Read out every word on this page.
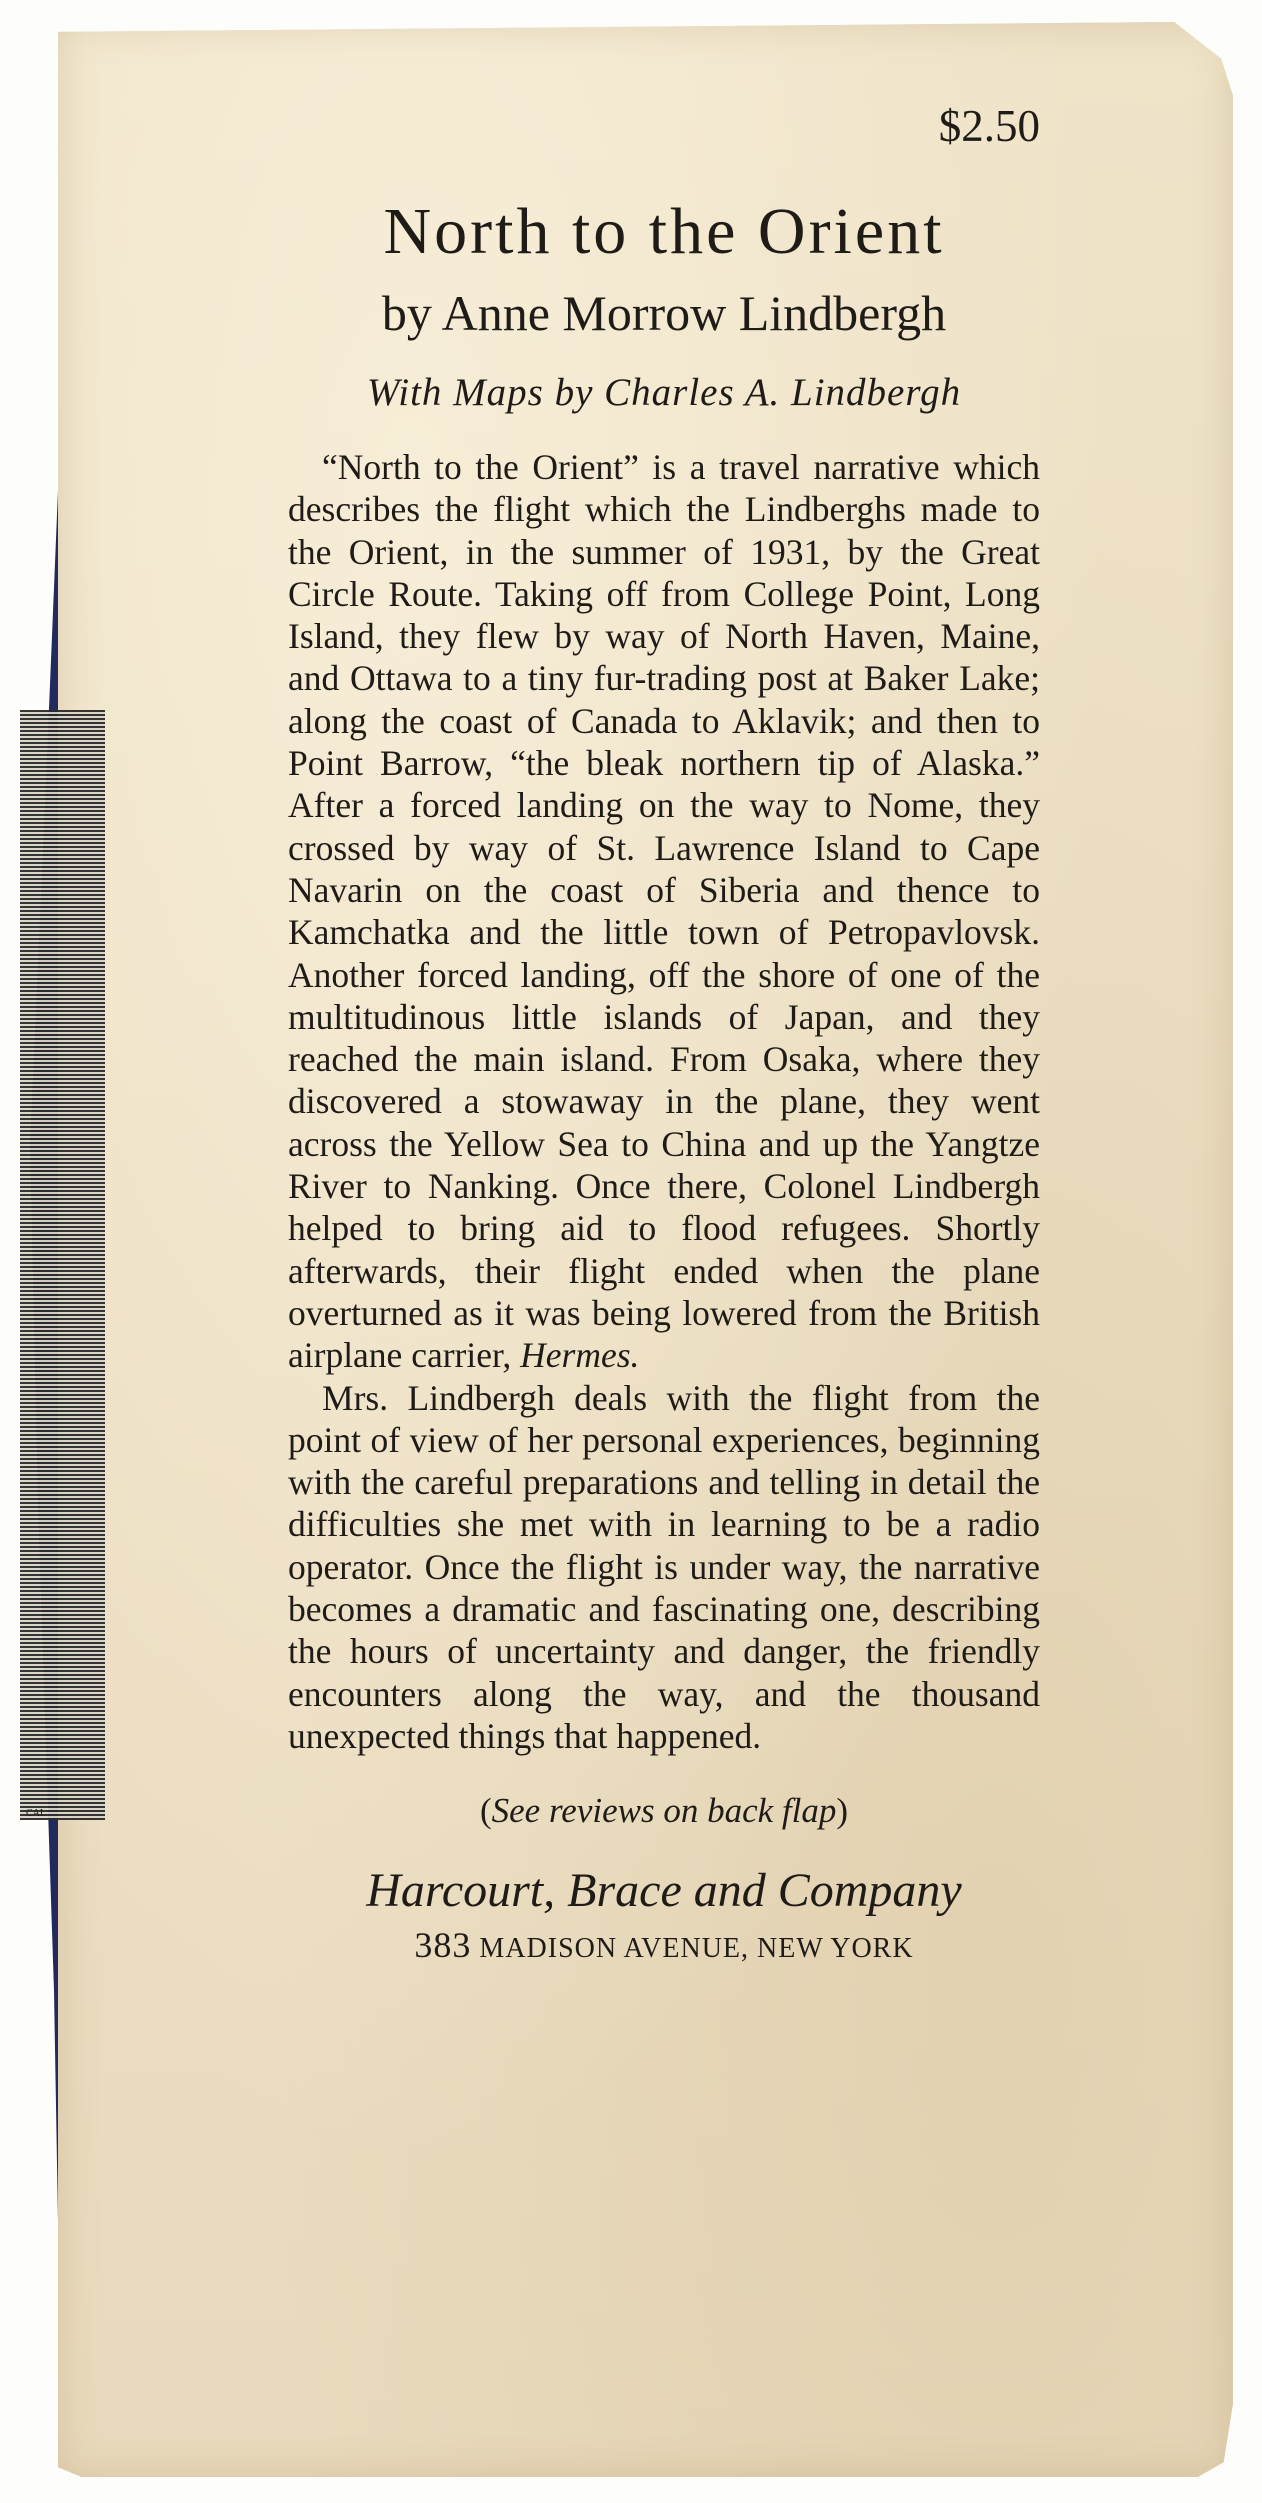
CAL
$2.50
North to the Orient
by Anne Morrow Lindbergh
With Maps by Charles A. Lindbergh

“North to the Orient” is a travel narrative which describes the flight which the Lindberghs made to the Orient, in the summer of 1931, by the Great Circle Route. Taking off from College Point, Long Island, they flew by way of North Haven, Maine, and Ottawa to a tiny fur-trading post at Baker Lake; along the coast of Canada to Aklavik; and then to Point Barrow, “the bleak northern tip of Alaska.” After a forced landing on the way to Nome, they crossed by way of St. Lawrence Island to Cape Navarin on the coast of Siberia and thence to Kamchatka and the little town of Petropavlovsk. Another forced landing, off the shore of one of the multitudinous little islands of Japan, and they reached the main island. From Osaka, where they discovered a stowaway in the plane, they went across the Yellow Sea to China and up the Yangtze River to Nanking. Once there, Colonel Lindbergh helped to bring aid to flood refugees. Shortly afterwards, their flight ended when the plane overturned as it was being lowered from the British airplane carrier, Hermes.

Mrs. Lindbergh deals with the flight from the point of view of her personal experiences, beginning with the careful preparations and telling in detail the difficulties she met with in learning to be a radio operator. Once the flight is under way, the narrative becomes a dramatic and fascinating one, describing the hours of uncertainty and danger, the friendly encounters along the way, and the thousand unexpected things that happened.

(See reviews on back flap)
Harcourt, Brace and Company
383 MADISON AVENUE, NEW YORK
